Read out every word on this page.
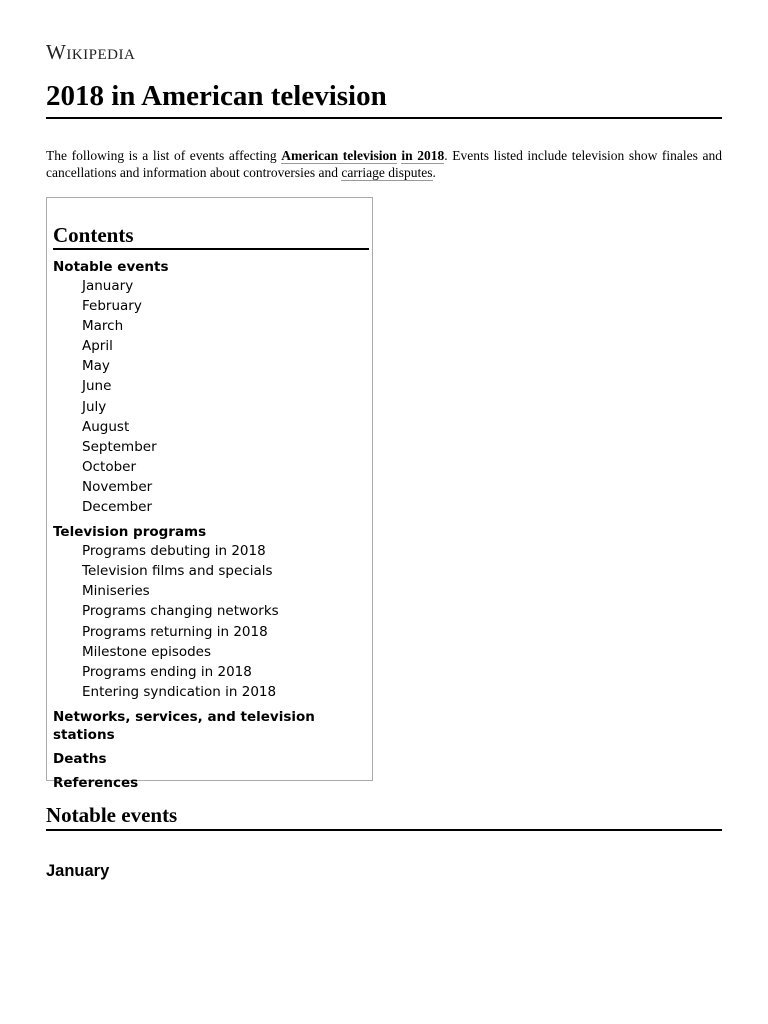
Wikipedia
2018 in American television

The following is a list of events affecting American television in 2018. Events listed include television show finales and cancellations and information about controversies and carriage disputes.

Contents
Notable events
January
February
March
April
May
June
July
August
September
October
November
December
Television programs
Programs debuting in 2018
Television films and specials
Miniseries
Programs changing networks
Programs returning in 2018
Milestone episodes
Programs ending in 2018
Entering syndication in 2018
Networks, services, and television stations
Deaths
References
Notable events
January
